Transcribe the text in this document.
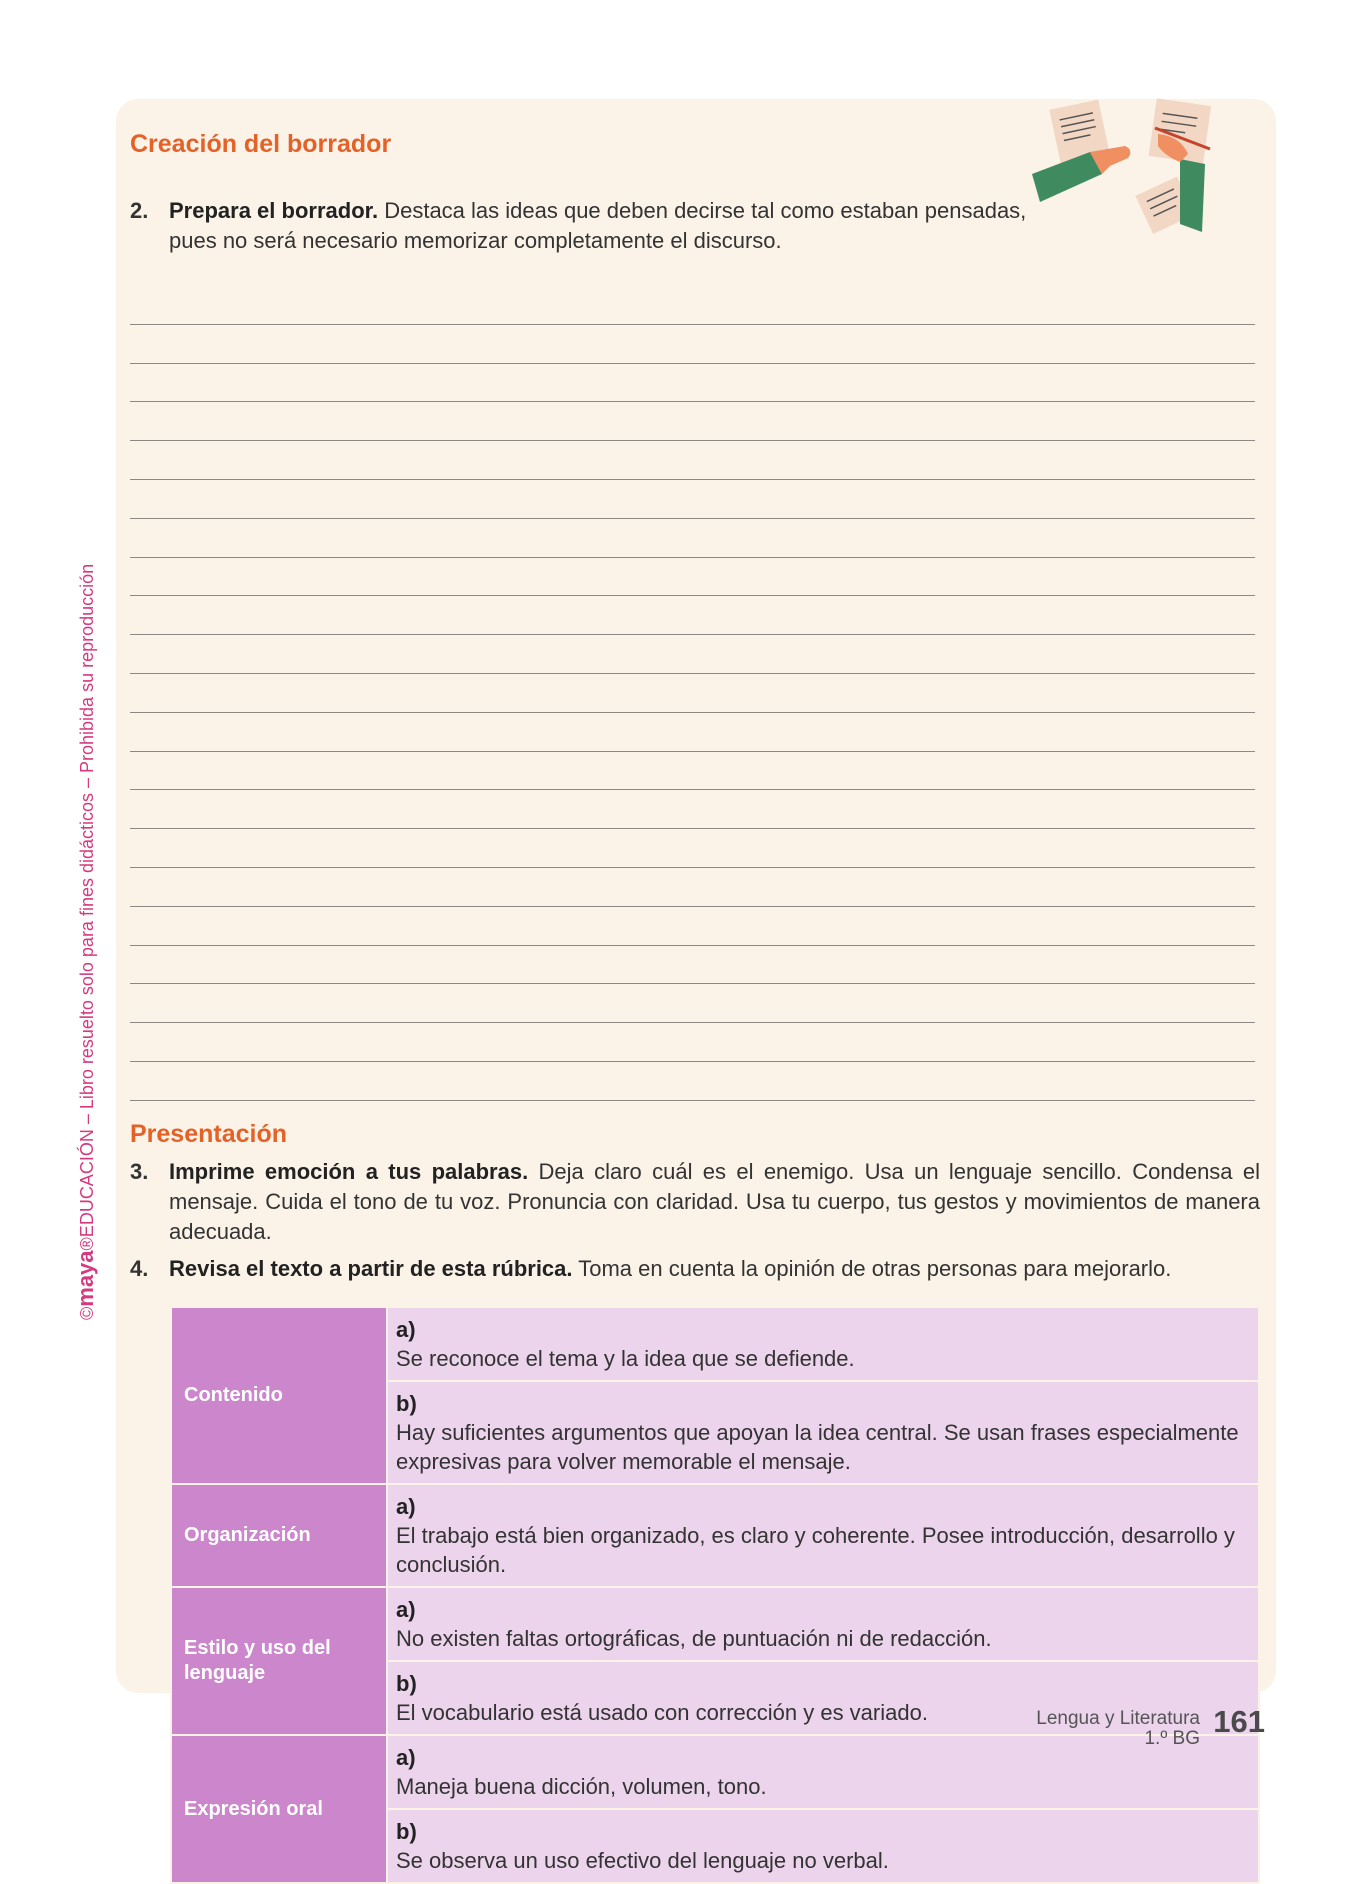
©maya®EDUCACIÓN – Libro resuelto solo para fines didácticos – Prohibida su reproducción
Creación del borrador
2. Prepara el borrador. Destaca las ideas que deben decirse tal como estaban pensadas,
pues no será necesario memorizar completamente el discurso.
Presentación
3. Imprime emoción a tus palabras. Deja claro cuál es el enemigo. Usa un lenguaje sencillo. Condensa el mensaje. Cuida el tono de tu voz. Pronuncia con claridad. Usa tu cuerpo, tus gestos y movimientos de manera adecuada.
4. Revisa el texto a partir de esta rúbrica. Toma en cuenta la opinión de otras personas para mejorarlo.
Contenido	a)Se reconoce el tema y la idea que se defiende.
	b)Hay suficientes argumentos que apoyan la idea central. Se usan frases especialmente expresivas para volver memorable el mensaje.
Organización	a)El trabajo está bien organizado, es claro y coherente. Posee introducción, desarrollo y conclusión.
Estilo y uso del lenguaje	a)No existen faltas ortográficas, de puntuación ni de redacción.
	b)El vocabulario está usado con corrección y es variado.
Expresión oral	a)Maneja buena dicción, volumen, tono.
	b)Se observa un uso efectivo del lenguaje no verbal.
Lengua y Literatura
1.º BG 161
